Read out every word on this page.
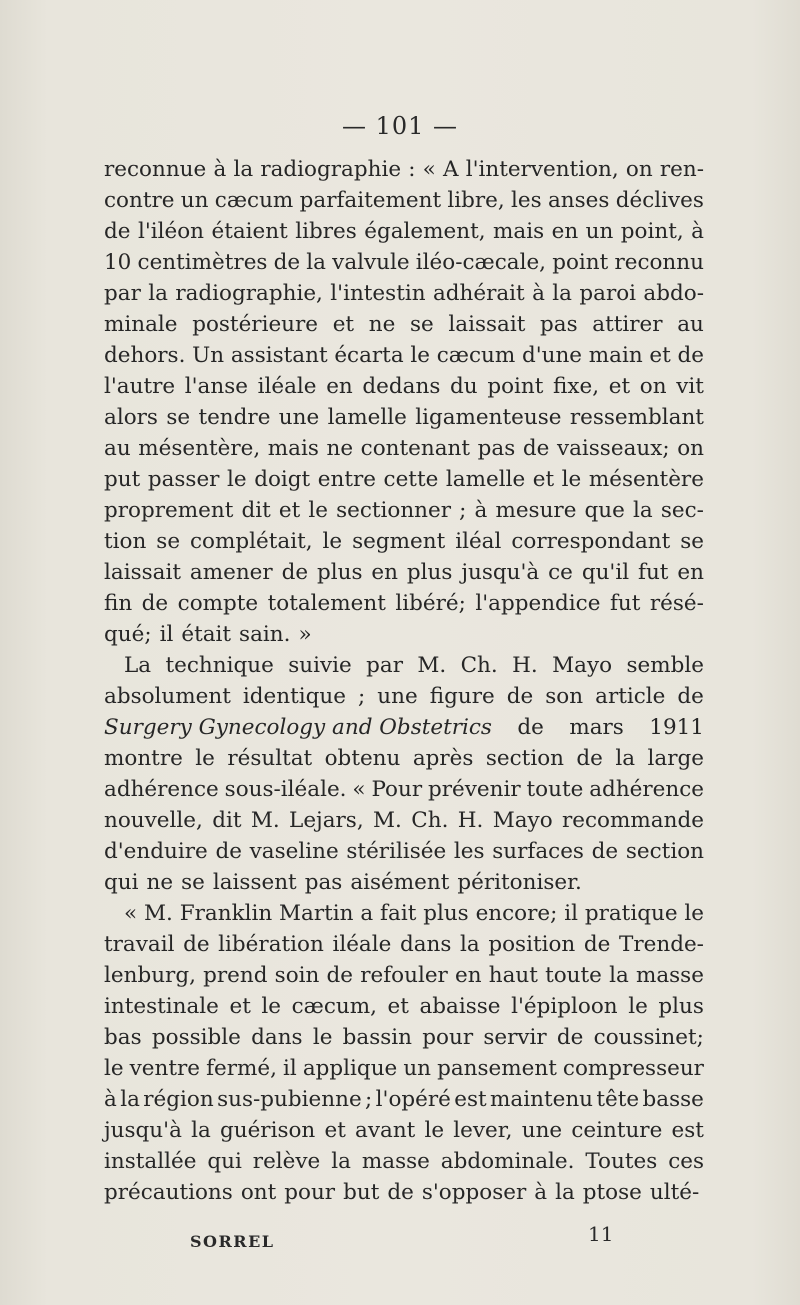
— 101 —
reconnue à la radiographie : « A l'intervention, on ren-
contre un cæcum parfaitement libre, les anses déclives
de l'iléon étaient libres également, mais en un point, à
10 centimètres de la valvule iléo-cæcale, point reconnu
par la radiographie, l'intestin adhérait à la paroi abdo-
minale postérieure et ne se laissait pas attirer au
dehors. Un assistant écarta le cæcum d'une main et de
l'autre l'anse iléale en dedans du point fixe, et on vit
alors se tendre une lamelle ligamenteuse ressemblant
au mésentère, mais ne contenant pas de vaisseaux; on
put passer le doigt entre cette lamelle et le mésentère
proprement dit et le sectionner ; à mesure que la sec-
tion se complétait, le segment iléal correspondant se
laissait amener de plus en plus jusqu'à ce qu'il fut en
fin de compte totalement libéré; l'appendice fut résé-
qué; il était sain. »
La technique suivie par M. Ch. H. Mayo semble
absolument identique ; une figure de son article de
Surgery Gynecology and Obstetrics de mars 1911
montre le résultat obtenu après section de la large
adhérence sous-iléale. « Pour prévenir toute adhérence
nouvelle, dit M. Lejars, M. Ch. H. Mayo recommande
d'enduire de vaseline stérilisée les surfaces de section
qui ne se laissent pas aisément péritoniser.
« M. Franklin Martin a fait plus encore; il pratique le
travail de libération iléale dans la position de Trende-
lenburg, prend soin de refouler en haut toute la masse
intestinale et le cæcum, et abaisse l'épiploon le plus
bas possible dans le bassin pour servir de coussinet;
le ventre fermé, il applique un pansement compresseur
à la région sus-pubienne ; l'opéré est maintenu tête basse
jusqu'à la guérison et avant le lever, une ceinture est
installée qui relève la masse abdominale. Toutes ces
précautions ont pour but de s'opposer à la ptose ulté-
SORREL	11
